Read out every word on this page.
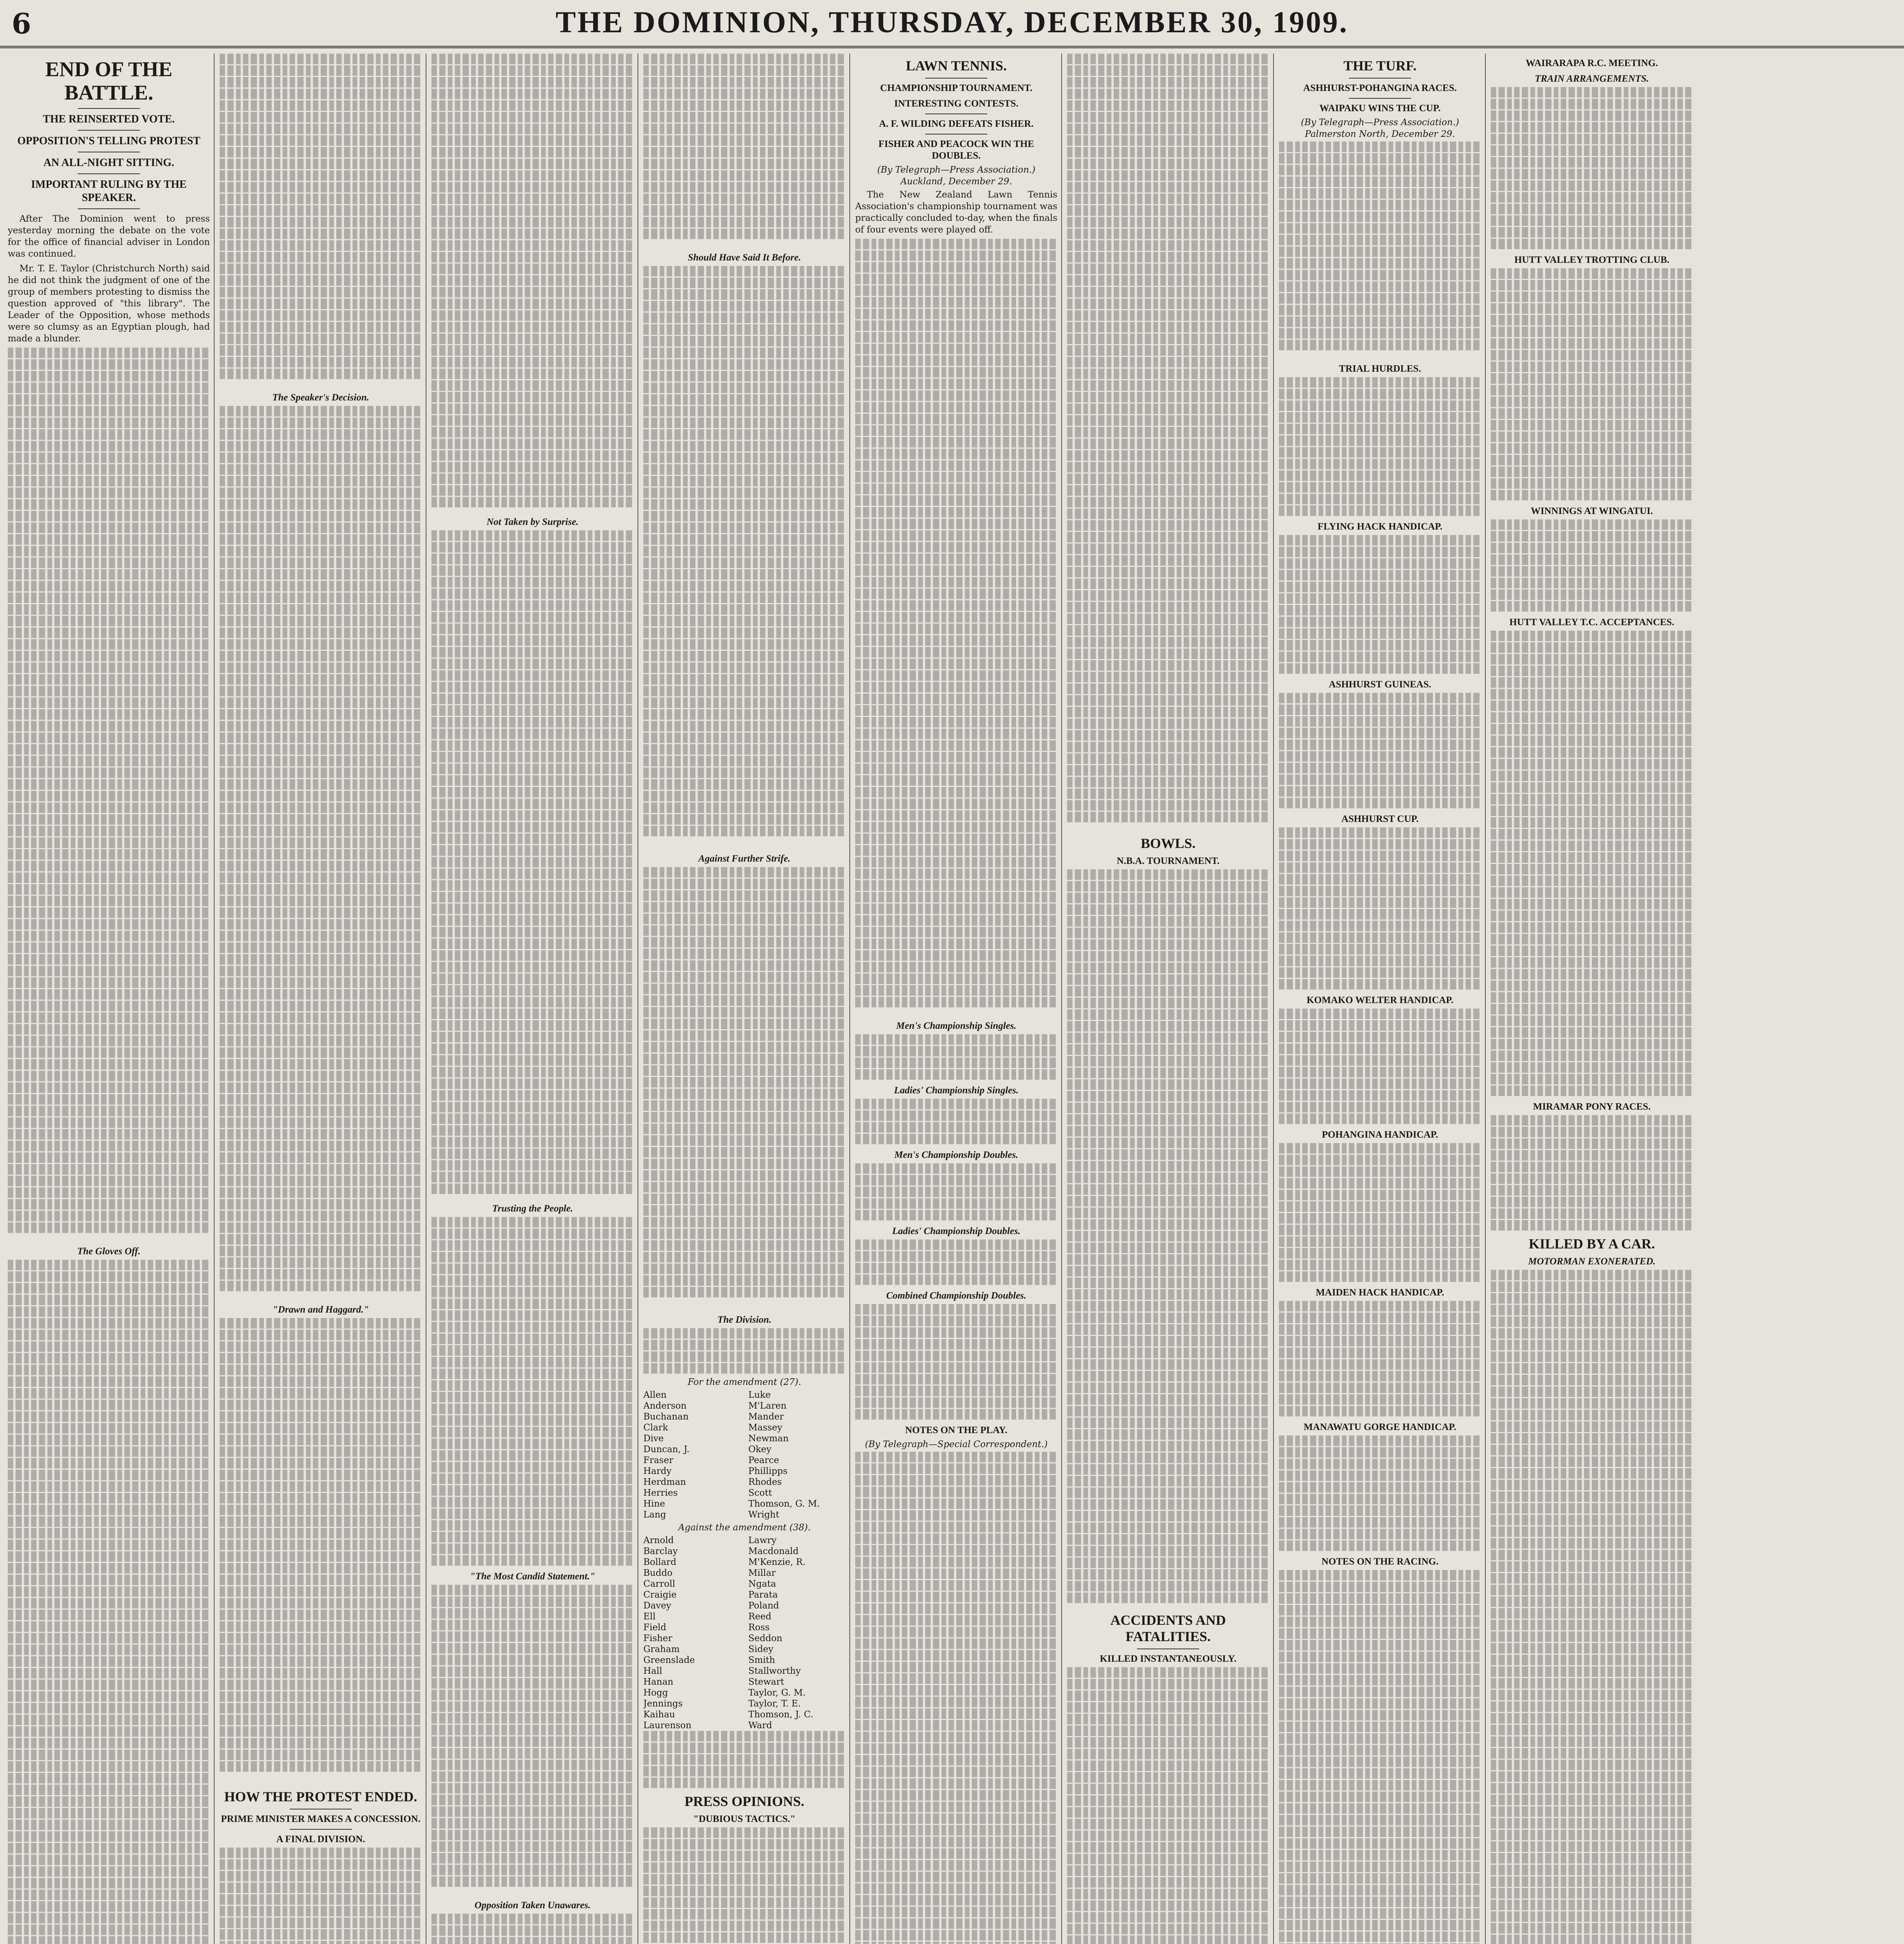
6	THE DOMINION, THURSDAY, DECEMBER 30, 1909.
END OF THE BATTLE.
THE REINSERTED VOTE.
OPPOSITION'S TELLING PROTEST
AN ALL-NIGHT SITTING.
IMPORTANT RULING BY THE SPEAKER.

After The Dominion went to press yesterday morning the debate on the vote for the office of financial adviser in London was continued.

Mr. T. E. Taylor (Christchurch North) said he did not think the judgment of one of the group of members protesting to dismiss the question approved of "this library". The Leader of the Opposition, whose methods were so clumsy as an Egyptian plough, had made a blunder.

The Gloves Off.
The Speaker's Decision.
"Drawn and Haggard."
HOW THE PROTEST ENDED.
PRIME MINISTER MAKES A CONCESSION.
A FINAL DIVISION.
Not Taken by Surprise.
Trusting the People.
"The Most Candid Statement."
Opposition Taken Unawares.
Should Have Said It Before.
Against Further Strife.
The Division.
For the amendment (27).
Allen
Anderson
Buchanan
Clark
Dive
Duncan, J.
Fraser
Hardy
Herdman
Herries
Hine
Lang
Luke
M'Laren
Mander
Massey
Newman
Okey
Pearce
Phillipps
Rhodes
Scott
Thomson, G. M.
Wright
Against the amendment (38).
Arnold
Barclay
Bollard
Buddo
Carroll
Craigie
Davey
Ell
Field
Fisher
Graham
Greenslade
Hall
Hanan
Hogg
Jennings
Kaihau
Laurenson
Lawry
Macdonald
M'Kenzie, R.
Millar
Ngata
Parata
Poland
Reed
Ross
Seddon
Sidey
Smith
Stallworthy
Stewart
Taylor, G. M.
Taylor, T. E.
Thomson, J. C.
Ward
PRESS OPINIONS.
"DUBIOUS TACTICS."
LAWN TENNIS.
CHAMPIONSHIP TOURNAMENT.
INTERESTING CONTESTS.
A. F. WILDING DEFEATS FISHER.
FISHER AND PEACOCK WIN THE DOUBLES.
(By Telegraph—Press Association.) Auckland, December 29.

The New Zealand Lawn Tennis Association's championship tournament was practically concluded to-day, when the finals of four events were played off.

Men's Championship Singles.
Ladies' Championship Singles.
Men's Championship Doubles.
Ladies' Championship Doubles.
Combined Championship Doubles.
NOTES ON THE PLAY.
(By Telegraph—Special Correspondent.)
BOWLS.
N.B.A. TOURNAMENT.
ACCIDENTS AND FATALITIES.
KILLED INSTANTANEOUSLY.
THE TURF.
ASHHURST-POHANGINA RACES.
WAIPAKU WINS THE CUP.
(By Telegraph—Press Association.) Palmerston North, December 29.
TRIAL HURDLES.
FLYING HACK HANDICAP.
ASHHURST GUINEAS.
ASHHURST CUP.
KOMAKO WELTER HANDICAP.
POHANGINA HANDICAP.
MAIDEN HACK HANDICAP.
MANAWATU GORGE HANDICAP.
NOTES ON THE RACING.
WAIRARAPA R.C. MEETING.
TRAIN ARRANGEMENTS.
HUTT VALLEY TROTTING CLUB.
WINNINGS AT WINGATUI.
HUTT VALLEY T.C. ACCEPTANCES.
MIRAMAR PONY RACES.
KILLED BY A CAR.
MOTORMAN EXONERATED.
